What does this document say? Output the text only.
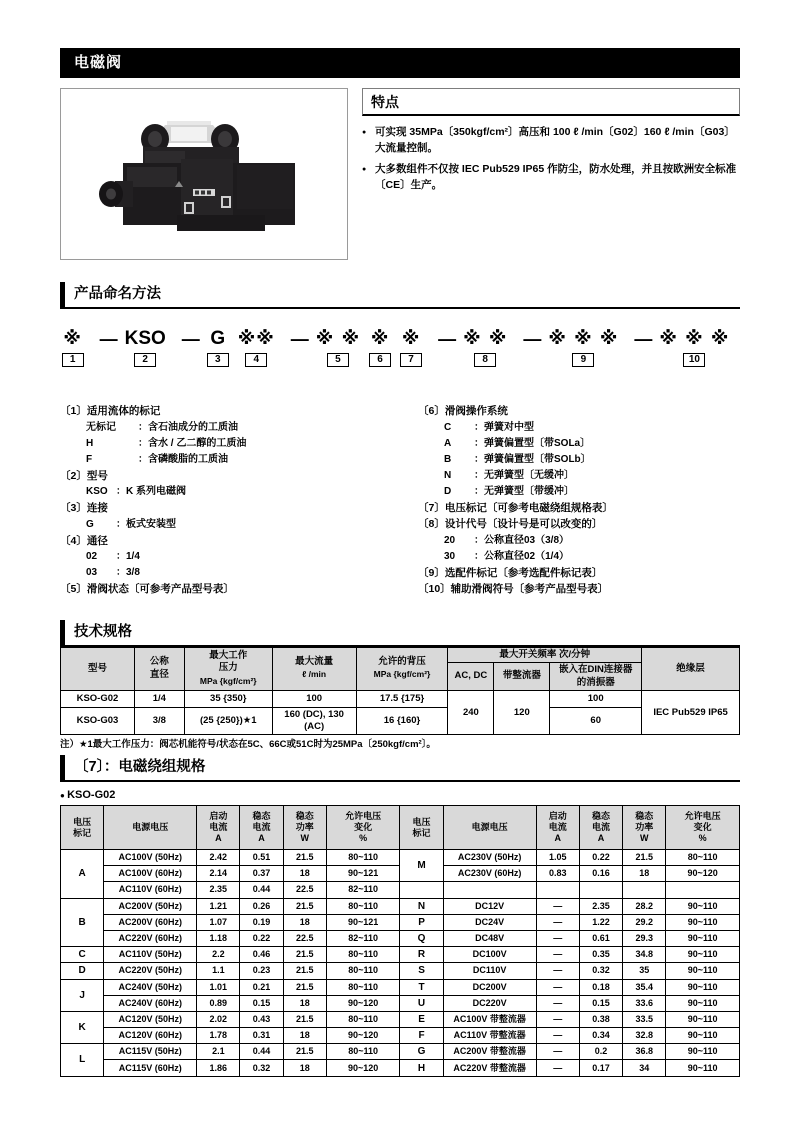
电磁阀
特点
● 可实现 35MPa〔350kgf/cm²〕高压和 100 ℓ /min〔G02〕160 ℓ /min〔G03〕大流量控制。
● 大多数组件不仅按 IEC Pub529 IP65 作防尘，防水处理，并且按欧洲安全标准〔CE〕生产。
产品命名方法
※
1
— KSO
2
— G
3
※※
4
— ※ ※
5
※
6
※
7
— ※ ※
8
— ※ ※ ※
9
— ※ ※ ※
10
〔1〕适用流体的标记
无标记 ：含石油成分的工质油
H	：含水 / 乙二醇的工质油
F	：含磷酸脂的工质油
〔2〕型号
KSO ：K 系列电磁阀
〔3〕连接
G ：板式安装型
〔4〕通径
02 ：1/4
03 ：3/8
〔5〕滑阀状态〔可参考产品型号表〕
〔6〕滑阀操作系统
C ：弹簧对中型
A ：弹簧偏置型〔带SOLa〕
B ：弹簧偏置型〔带SOLb〕
N ：无弹簧型〔无缓冲〕
D ：无弹簧型〔带缓冲〕
〔7〕电压标记〔可参考电磁绕组规格表〕
〔8〕设计代号〔设计号是可以改变的〕
20 ：公称直径03（3/8）
30 ：公称直径02（1/4）
〔9〕选配件标记〔参考选配件标记表〕
〔10〕辅助滑阀符号〔参考产品型号表〕
技术规格
型号	公称
直径	最大工作
压力
MPa {kgf/cm²}	最大流量
ℓ /min	允许的背压
MPa {kgf/cm²}	最大开关频率 次/分钟			绝缘层
					AC, DC	带整流器	嵌入在DIN连接器
的消振器	
KSO-G02	1/4	35 {350}	100	17.5 {175}	240	120	100	IEC Pub529 IP65
KSO-G03	3/8	(25 {250})★1	160 (DC), 130 (AC)	16 {160}			60	
注）★1最大工作压力：阀芯机能符号/状态在5C、66C或51C时为25MPa〔250kgf/cm²〕。
〔7〕：电磁绕组规格
● KSO-G02
电压
标记	电源电压	启动
电流
A	稳态
电流
A	稳态
功率
W	允许电压
变化
%	电压
标记	电源电压	启动
电流
A	稳态
电流
A	稳态
功率
W	允许电压
变化
%
A	AC100V (50Hz)	2.42	0.51	21.5	80~110	M	AC230V (50Hz)	1.05	0.22	21.5	80~110
	AC100V (60Hz)	2.14	0.37	18	90~121		AC230V (60Hz)	0.83	0.16	18	90~120
	AC110V (60Hz)	2.35	0.44	22.5	82~110						
B	AC200V (50Hz)	1.21	0.26	21.5	80~110	N	DC12V	—	2.35	28.2	90~110
	AC200V (60Hz)	1.07	0.19	18	90~121	P	DC24V	—	1.22	29.2	90~110
	AC220V (60Hz)	1.18	0.22	22.5	82~110	Q	DC48V	—	0.61	29.3	90~110
C	AC110V (50Hz)	2.2	0.46	21.5	80~110	R	DC100V	—	0.35	34.8	90~110
D	AC220V (50Hz)	1.1	0.23	21.5	80~110	S	DC110V	—	0.32	35	90~110
J	AC240V (50Hz)	1.01	0.21	21.5	80~110	T	DC200V	—	0.18	35.4	90~110
	AC240V (60Hz)	0.89	0.15	18	90~120	U	DC220V	—	0.15	33.6	90~110
K	AC120V (50Hz)	2.02	0.43	21.5	80~110	E	AC100V 带整流器	—	0.38	33.5	90~110
	AC120V (60Hz)	1.78	0.31	18	90~120	F	AC110V 带整流器	—	0.34	32.8	90~110
L	AC115V (50Hz)	2.1	0.44	21.5	80~110	G	AC200V 带整流器	—	0.2	36.8	90~110
	AC115V (60Hz)	1.86	0.32	18	90~120	H	AC220V 带整流器	—	0.17	34	90~110
